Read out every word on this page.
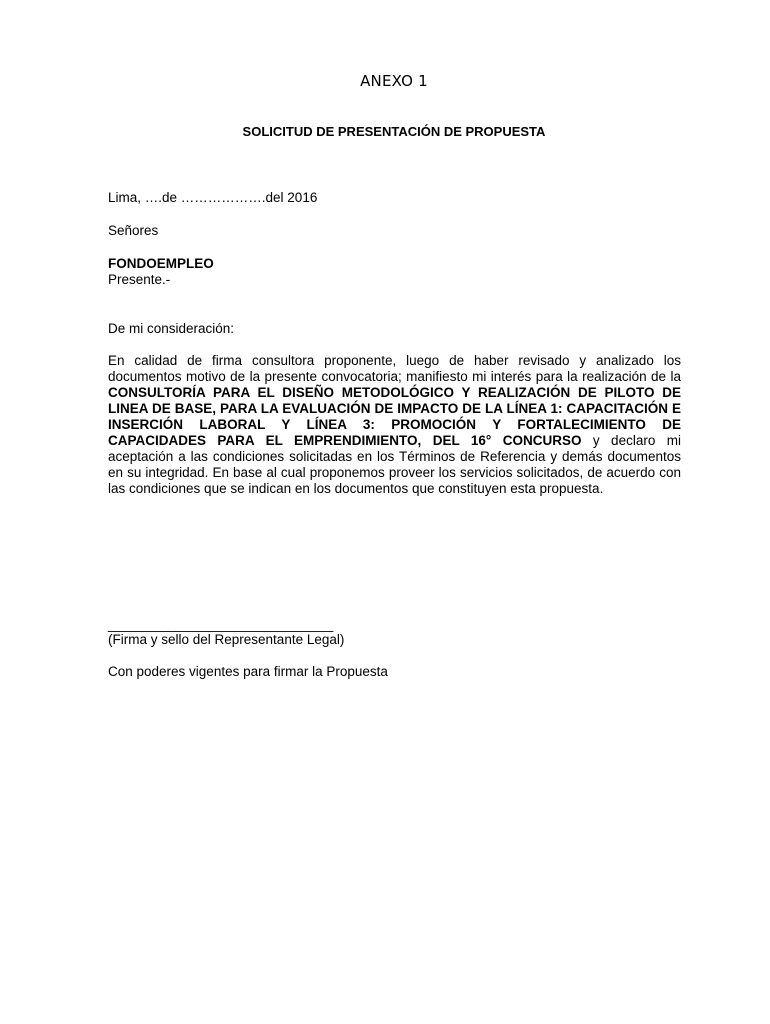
ANEXO 1
SOLICITUD DE PRESENTACIÓN DE PROPUESTA
Lima, ….de ……………….del 2016
Señores
FONDOEMPLEO
Presente.-
De mi consideración:
En calidad de firma consultora proponente, luego de haber revisado y analizado los documentos motivo de la presente convocatoria; manifiesto mi interés para la realización de la CONSULTORÍA PARA EL DISEÑO METODOLÓGICO Y REALIZACIÓN DE PILOTO DE LINEA DE BASE, PARA LA EVALUACIÓN DE IMPACTO DE LA LÍNEA 1: CAPACITACIÓN E INSERCIÓN LABORAL Y LÍNEA 3: PROMOCIÓN Y FORTALECIMIENTO DE CAPACIDADES PARA EL EMPRENDIMIENTO, DEL 16° CONCURSO y declaro mi aceptación a las condiciones solicitadas en los Términos de Referencia y demás documentos en su integridad. En base al cual proponemos proveer los servicios solicitados, de acuerdo con las condiciones que se indican en los documentos que constituyen esta propuesta.
______________________________
(Firma y sello del Representante Legal)
Con poderes vigentes para firmar la Propuesta
